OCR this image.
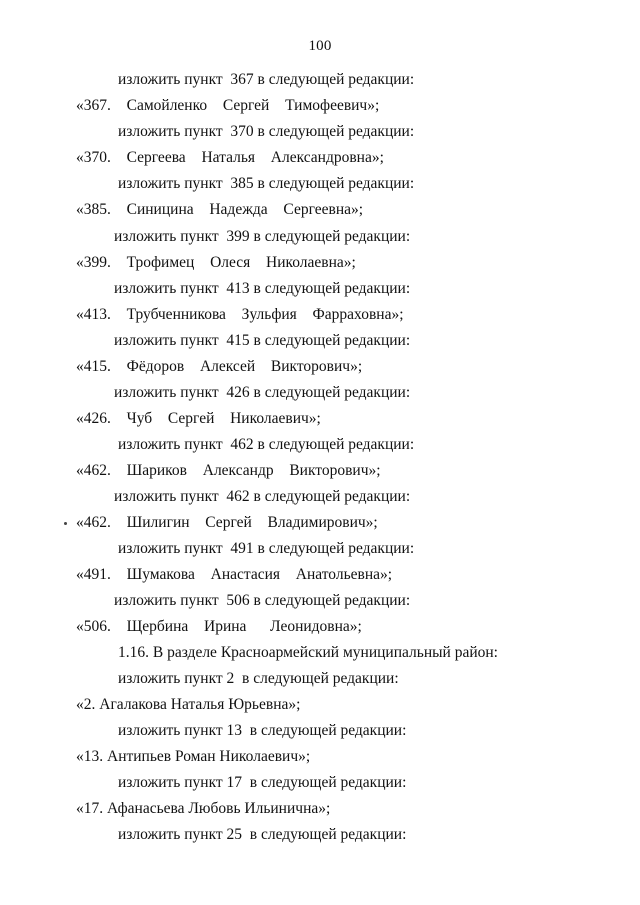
100
изложить пункт  367 в следующей редакции:
«367.  Самойленко  Сергей  Тимофеевич»;
изложить пункт  370 в следующей редакции:
«370.  Сергеева  Наталья  Александровна»;
изложить пункт  385 в следующей редакции:
«385.  Синицина  Надежда  Сергеевна»;
изложить пункт  399 в следующей редакции:
«399.  Трофимец  Олеся  Николаевна»;
изложить пункт  413 в следующей редакции:
«413.  Трубченникова  Зульфия  Фарраховна»;
изложить пункт  415 в следующей редакции:
«415.  Фёдоров  Алексей  Викторович»;
изложить пункт  426 в следующей редакции:
«426.  Чуб  Сергей  Николаевич»;
изложить пункт  462 в следующей редакции:
«462.  Шариков  Александр  Викторович»;
изложить пункт  462 в следующей редакции:
«462.  Шилигин  Сергей  Владимирович»;
изложить пункт  491 в следующей редакции:
«491.  Шумакова  Анастасия  Анатольевна»;
изложить пункт  506 в следующей редакции:
«506.  Щербина  Ирина   Леонидовна»;
1.16. В разделе Красноармейский муниципальный район:
изложить пункт 2  в следующей редакции:
«2. Агалакова Наталья Юрьевна»;
изложить пункт 13  в следующей редакции:
«13. Антипьев Роман Николаевич»;
изложить пункт 17  в следующей редакции:
«17. Афанасьева Любовь Ильинична»;
изложить пункт 25  в следующей редакции:
